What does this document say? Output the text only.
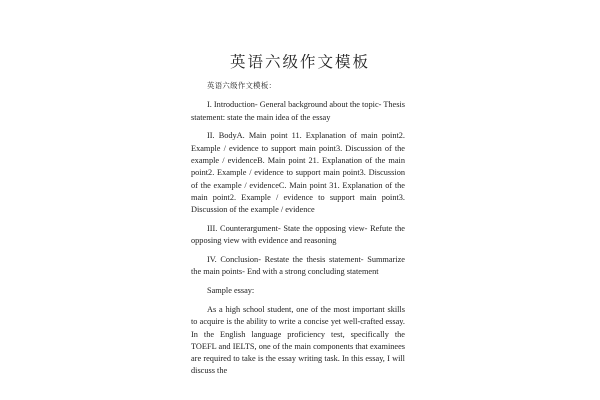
英语六级作文模板
英语六级作文模板：

I. Introduction- General background about the topic- Thesis statement: state the main idea of the essay

II. BodyA. Main point 11. Explanation of main point2. Example / evidence to support main point3. Discussion of the example / evidenceB. Main point 21. Explanation of the main point2. Example / evidence to support main point3. Discussion of the example / evidenceC. Main point 31. Explanation of the main point2. Example / evidence to support main point3. Discussion of the example / evidence

III. Counterargument- State the opposing view- Refute the opposing view with evidence and reasoning

IV. Conclusion- Restate the thesis statement- Summarize the main points- End with a strong concluding statement

Sample essay:

As a high school student, one of the most important skills to acquire is the ability to write a concise yet well-crafted essay. In the English language proficiency test, specifically the TOEFL and IELTS, one of the main components that examinees are required to take is the essay writing task. In this essay, I will discuss the
